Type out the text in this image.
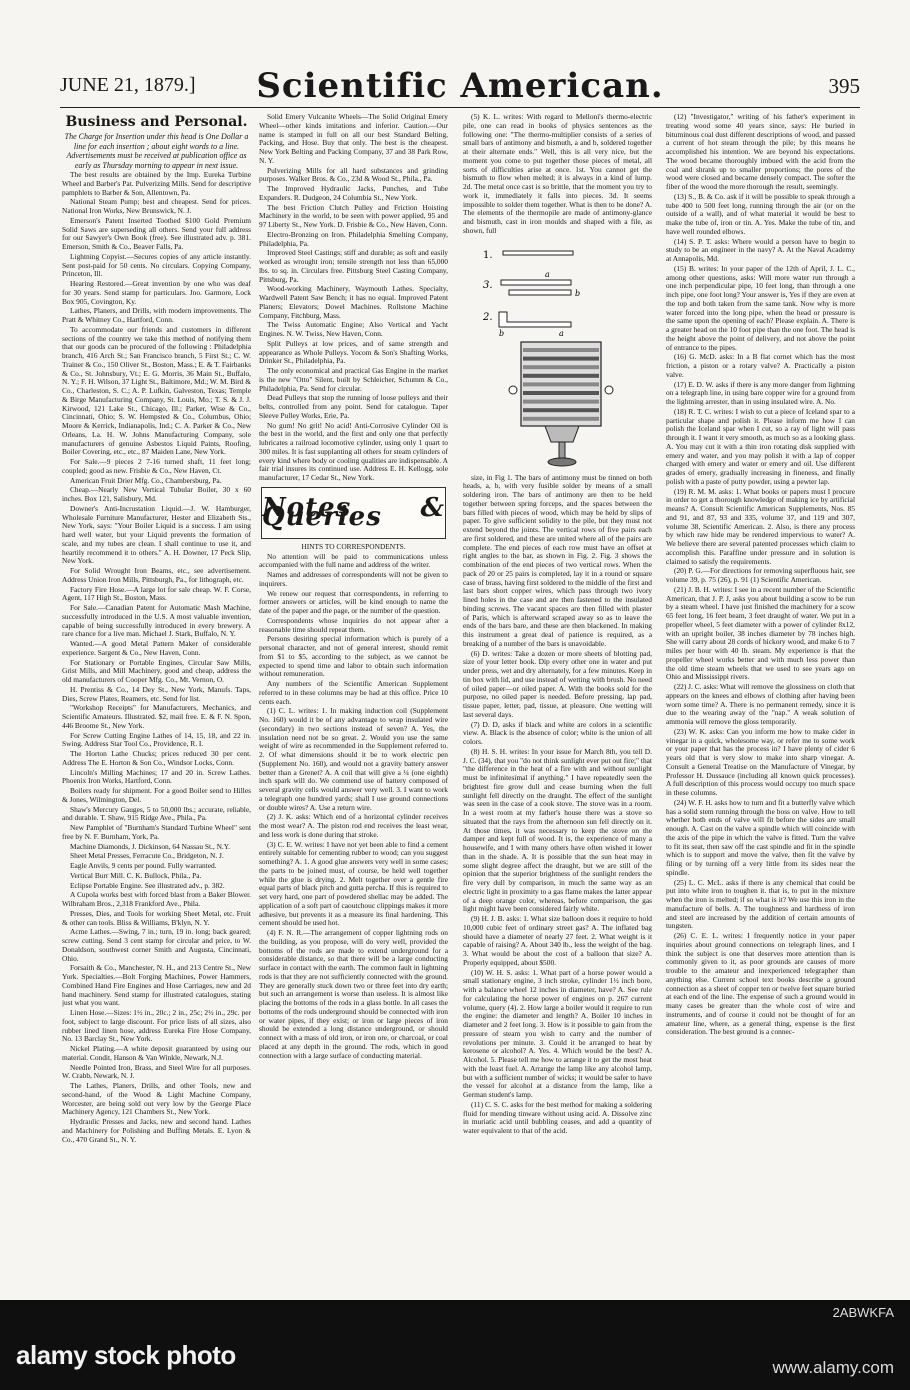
JUNE 21, 1879.]	Scientific American.	395

Business and Personal.

The Charge for Insertion under this head is One Dollar a line for each insertion ; about eight words to a line. Advertisements must be received at publication office as early as Thursday morning to appear in next issue.

The best results are obtained by the Imp. Eureka Turbine Wheel and Barber's Pat. Pulverizing Mills. Send for descriptive pamphlets to Barber & Son, Allentown, Pa.

National Steam Pump; best and cheapest. Send for prices. National Iron Works, New Brunswick, N. J.

Emerson's Patent Inserted Toothed $100 Gold Premium Solid Saws are superseding all others. Send your full address for our Sawyer's Own Book (free). See illustrated adv. p. 381. Emerson, Smith & Co., Beaver Falls, Pa.

Lightning Copyist.—Secures copies of any article instantly. Sent post-paid for 50 cents. No circulars. Copying Company, Princeton, Ill.

Hearing Restored.—Great invention by one who was deaf for 30 years. Send stamp for particulars. Jno. Garmore, Lock Box 905, Covington, Ky.

Lathes, Planers, and Drills, with modern improvements. The Pratt & Whitney Co., Hartford, Conn.

To accommodate our friends and customers in different sections of the country we take this method of notifying them that our goods can be procured of the following : Philadelphia branch, 416 Arch St.; San Francisco branch, 5 First St.; C. W. Trainer & Co., 150 Oliver St., Boston, Mass.; E. & T. Fairbanks & Co., St. Johnsbury, Vt.; E. G. Morris, 36 Main St., Buffalo, N. Y.; F. H. Wilson, 37 Light St., Baltimore, Md.; W. M. Bird & Co., Charleston, S. C.; A. P. Lufkin, Galveston, Texas; Temple & Birge Manufacturing Company, St. Louis, Mo.; T. S. & J. J. Kirwood, 121 Lake St., Chicago, Ill.; Parker, Wise & Co., Cincinnati, Ohio; S. W. Hempsted & Co., Columbus, Ohio; Moore & Kerrick, Indianapolis, Ind.; C. A. Parker & Co., New Orleans, La. H. W. Johns Manufacturing Company, sole manufacturers of genuine Asbestos Liquid Paints, Roofing, Boiler Covering, etc., etc., 87 Maiden Lane, New York.

For Sale.—9 pieces 2 7-16 turned shaft, 11 feet long; coupled; good as new. Frisbie & Co., New Haven, Ct.

American Fruit Drier Mfg. Co., Chambersburg, Pa.

Cheap.—Nearly New Vertical Tubular Boiler, 30 x 60 inches. Box 121, Salisbury, Md.

Downer's Anti-Incrustation Liquid.—J. W. Hamburger, Wholesale Furniture Manufacturer, Hester and Elizabeth Sts., New York, says: "Your Boiler Liquid is a success. I am using hard well water, but your Liquid prevents the formation of scale, and my tubes are clean. I shall continue to use it, and heartily recommend it to others." A. H. Downer, 17 Peck Slip, New York.

For Solid Wrought Iron Beams, etc., see advertisement. Address Union Iron Mills, Pittsburgh, Pa., for lithograph, etc.

Factory Fire Hose.—A large lot for sale cheap. W. F. Corse, Agent, 117 High St., Boston, Mass.

For Sale.—Canadian Patent for Automatic Mash Machine, successfully introduced in the U.S. A most valuable invention, capable of being successfully introduced in every brewery. A rare chance for a live man. Michael J. Stark, Buffalo, N. Y.

Wanted.—A good Metal Pattern Maker of considerable experience. Sargent & Co., New Haven, Conn.

For Stationary or Portable Engines, Circular Saw Mills, Grist Mills, and Mill Machinery, good and cheap, address the old manufacturers of Cooper Mfg. Co., Mt. Vernon, O.

H. Prentiss & Co., 14 Dey St., New York, Manufs. Taps, Dies, Screw Plates, Reamers, etc. Send for list.

"Workshop Receipts" for Manufacturers, Mechanics, and Scientific Amateurs. Illustrated. $2, mail free. E. & F. N. Spon, 446 Broome St., New York.

For Screw Cutting Engine Lathes of 14, 15, 18, and 22 in. Swing. Address Star Tool Co., Providence, R. I.

The Horton Lathe Chucks; prices reduced 30 per cent. Address The E. Horton & Son Co., Windsor Locks, Conn.

Lincoln's Milling Machines; 17 and 20 in. Screw Lathes. Phoenix Iron Works, Hartford, Conn.

Boilers ready for shipment. For a good Boiler send to Hilles & Jones, Wilmington, Del.

Shaw's Mercury Gauges, 5 to 50,000 lbs.; accurate, reliable, and durable. T. Shaw, 915 Ridge Ave., Phila., Pa.

New Pamphlet of "Burnham's Standard Turbine Wheel" sent free by N. F. Burnham, York, Pa.

Machine Diamonds, J. Dickinson, 64 Nassau St., N.Y.

Sheet Metal Presses, Ferracute Co., Bridgeton, N. J.

Eagle Anvils, 9 cents per pound. Fully warranted.

Vertical Burr Mill. C. K. Bullock, Phila., Pa.

Eclipse Portable Engine. See illustrated adv., p. 382.

A Cupola works best with forced blast from a Baker Blower. Wilbraham Bros., 2,318 Frankford Ave., Phila.

Presses, Dies, and Tools for working Sheet Metal, etc. Fruit & other can tools. Bliss & Williams, B'klyn, N. Y.

Acme Lathes.—Swing, 7 in.; turn, 19 in. long; back geared; screw cutting. Send 3 cent stamp for circular and price, to W. Donaldson, southwest corner Smith and Augusta, Cincinnati, Ohio.

Forsaith & Co., Manchester, N. H., and 213 Centre St., New York. Specialties.—Bolt Forging Machines, Power Hammers, Combined Hand Fire Engines and Hose Carriages, new and 2d hand machinery. Send stamp for illustrated catalogues, stating just what you want.

Linen Hose.—Sizes: 1½ in., 20c.; 2 in., 25c; 2½ in., 29c. per foot, subject to large discount. For price lists of all sizes, also rubber lined linen hose, address Eureka Fire Hose Company, No. 13 Barclay St., New York.

Nickel Plating.—A white deposit guaranteed by using our material. Condit, Hanson & Van Winkle, Newark, N.J.

Needle Pointed Iron, Brass, and Steel Wire for all purposes. W. Crabb, Newark, N. J.

The Lathes, Planers, Drills, and other Tools, new and second-hand, of the Wood & Light Machine Company, Worcester, are being sold out very low by the George Place Machinery Agency, 121 Chambers St., New York.

Hydraulic Presses and Jacks, new and second hand. Lathes and Machinery for Polishing and Buffing Metals. E. Lyon & Co., 470 Grand St., N. Y.

Solid Emery Vulcanite Wheels—The Solid Original Emery Wheel—other kinds imitations and inferior. Caution.—Our name is stamped in full on all our best Standard Belting, Packing, and Hose. Buy that only. The best is the cheapest. New York Belting and Packing Company, 37 and 38 Park Row, N. Y.

Pulverizing Mills for all hard substances and grinding purposes. Walker Bros. & Co., 23d & Wood St., Phila., Pa.

The Improved Hydraulic Jacks, Punches, and Tube Expanders. R. Dudgeon, 24 Columbia St., New York.

The best Friction Clutch Pulley and Friction Hoisting Machinery in the world, to be seen with power applied, 95 and 97 Liberty St., New York. D. Frisbie & Co., New Haven, Conn.

Electro-Bronzing on Iron. Philadelphia Smelting Company, Philadelphia, Pa.

Improved Steel Castings; stiff and durable; as soft and easily worked as wrought iron; tensile strength not less than 65,000 lbs. to sq. in. Circulars free. Pittsburg Steel Casting Company, Pittsburg, Pa.

Wood-working Machinery, Waymouth Lathes. Specialty, Wardwell Patent Saw Bench; it has no equal. Improved Patent Planers; Elevators; Dowel Machines. Rollstone Machine Company, Fitchburg, Mass.

The Twiss Automatic Engine; Also Vertical and Yacht Engines. N. W. Twiss, New Haven, Conn.

Split Pulleys at low prices, and of same strength and appearance as Whole Pulleys. Yocom & Son's Shafting Works, Drinker St., Philadelphia, Pa.

The only economical and practical Gas Engine in the market is the new "Otto" Silent, built by Schleicher, Schumm & Co., Philadelphia, Pa. Send for circular.

Dead Pulleys that stop the running of loose pulleys and their belts, controlled from any point. Send for catalogue. Taper Sleeve Pulley Works, Erie, Pa.

No gum! No grit! No acid! Anti-Corrosive Cylinder Oil is the best in the world, and the first and only one that perfectly lubricates a railroad locomotive cylinder, using only 1 quart to 300 miles. It is fast supplanting all others for steam cylinders of every kind where body or cooling qualities are indispensable. A fair trial insures its continued use. Address E. H. Kellogg, sole manufacturer, 17 Cedar St., New York.

Notes & Queries

HINTS TO CORRESPONDENTS.

No attention will be paid to communications unless accompanied with the full name and address of the writer.

Names and addresses of correspondents will not be given to inquirers.

We renew our request that correspondents, in referring to former answers or articles, will be kind enough to name the date of the paper and the page, or the number of the question.

Correspondents whose inquiries do not appear after a reasonable time should repeat them.

Persons desiring special information which is purely of a personal character, and not of general interest, should remit from $1 to $5, according to the subject, as we cannot be expected to spend time and labor to obtain such information without remuneration.

Any numbers of the Scientific American Supplement referred to in these columns may be had at this office. Price 10 cents each.

(1) C. L. writes: 1. In making induction coil (Supplement No. 160) would it be of any advantage to wrap insulated wire (secondary) in two sections instead of seven? A. Yes, the insulation need not be so great. 2. Would you use the same weight of wire as recommended in the Supplement referred to. 2. Of what dimensions should it be to work electric pen (Supplement No. 160), and would not a gravity battery answer better than a Grenet? A. A coil that will give a ¼ (one eighth) inch spark will do. We commend use of battery composed of several gravity cells would answer very well. 3. I want to work a telegraph one hundred yards; shall I use ground connections or double wires? A. Use a return wire.

(2) J. K. asks: Which end of a horizontal cylinder receives the most wear? A. The piston rod end receives the least wear, and less work is done during that stroke.

(3) C. E. W. writes: I have not yet been able to find a cement entirely suitable for cementing rubber to wood; can you suggest something? A. 1. A good glue answers very well in some cases; the parts to be joined must, of course, be held well together while the glue is drying. 2. Melt together over a gentle fire equal parts of black pitch and gutta percha. If this is required to set very hard, one part of powdered shellac may be added. The application of a soft part of caoutchouc clippings makes it more adhesive, but prevents it as a measure its final hardening. This cement should be used hot.

(4) F. N. R.—The arrangement of copper lightning rods on the building, as you propose, will do very well, provided the bottoms of the rods are made to extend underground for a considerable distance, so that there will be a large conducting surface in contact with the earth. The common fault in lightning rods is that they are not sufficiently connected with the ground. They are generally stuck down two or three feet into dry earth; but such an arrangement is worse than useless. It is almost like placing the bottoms of the rods in a glass bottle. In all cases the bottoms of the rods underground should be connected with iron or water pipes, if they exist; or iron or large pieces of iron should be extended a long distance underground, or should connect with a mass of old iron, or iron ore, or charcoal, or coal placed at any depth in the ground. The rods, which in good connection with a large surface of conducting material.

(5) K. L. writes: With regard to Melloni's thermo-electric pile, one can read in books of physics sentences as the following one: "The thermo-multiplier consists of a series of small bars of antimony and bismuth, a and b, soldered together at their alternate ends." Well, this is all very nice, but the moment you come to put together those pieces of metal, all sorts of difficulties arise at once. 1st. You cannot get the bismuth to flow when melted; it is always in a kind of lump. 2d. The metal once cast is so brittle, that the moment you try to work it, immediately it falls into pieces. 3d. It seems impossible to solder them together. What is then to be done? A. The elements of the thermopile are made of antimony-glance and bismuth, cast in iron moulds and shaped with a file, as shown, full

1.
3.
a
b
2.
b	a

size, in Fig 1. The bars of antimony must be tinned on both heads, a, b, with very fusible solder by means of a small soldering iron. The bars of antimony are then to be held together between spring forceps, and the spaces between the bars filled with pieces of wood, which may be held by slips of paper. To give sufficient solidity to the pile, but they must not extend beyond the joints. The vertical rows of five pairs each are first soldered, and these are united where all of the pairs are complete. The end pieces of each row must have an offset at right angles to the bar, as shown in Fig. 2. Fig. 3 shows the combination of the end pieces of two vertical rows. When the pack of 20 or 25 pairs is completed, lay it in a round or square case of brass, having first soldered to the middle of the first and last bars short copper wires, which pass through two ivory lined holes in the case and are then fastened to the insulated binding screws. The vacant spaces are then filled with plaster of Paris, which is afterward scraped away so as to leave the ends of the bars bare, and these are then blackened. In making this instrument a great deal of patience is required, as a breaking of a number of the bars is unavoidable.

(6) D. writes: Take a dozen or more sheets of blotting pad, size of your letter book. Dip every other one in water and put under press, wet and dry alternately, for a few minutes. Keep in tin box with lid, and use instead of wetting with brush. No need of oiled paper—or oiled paper. A. With the books sold for the purpose, no oiled paper is needed. Before pressing, lap pad, tissue paper, letter, pad, tissue, at pleasure. One wetting will last several days.

(7) D. D, asks if black and white are colors in a scientific view. A. Black is the absence of color; white is the union of all colors.

(8) H. S. H. writes: In your issue for March 8th, you tell D. J. C. (34), that you "do not think sunlight ever put out fire;" that "the difference in the heat of a fire with and without sunlight must be infinitesimal if anything." I have repeatedly seen the brightest fire grow dull and cease burning when the full sunlight fell directly on the draught. The effect of the sunlight was seen in the case of a cook stove. The stove was in a room. In a west room at my father's house there was a stove so situated that the rays from the afternoon sun fell directly on it. At those times, it was necessary to keep the stove on the damper and kept full of wood. It is, the experience of many a housewife, and I with many others have often wished it lower than in the shade. A. It is possible that the sun heat may in some slight degree affect the draught, but we are still of the opinion that the superior brightness of the sunlight renders the fire very dull by comparison, in much the same way as an electric light in proximity to a gas flame makes the latter appear of a deep orange color, whereas, before comparison, the gas light might have been considered fairly white.

(9) H. J. B. asks: 1. What size balloon does it require to hold 10,000 cubic feet of ordinary street gas? A. The inflated bag should have a diameter of nearly 27 feet. 2. What weight is it capable of raising? A. About 340 lb., less the weight of the bag. 3. What would be about the cost of a balloon that size? A. Properly equipped, about $500.

(10) W. H. S. asks: 1. What part of a horse power would a small stationary engine, 3 inch stroke, cylinder 1½ inch bore, with a balance wheel 12 inches in diameter, have? A. See rule for calculating the horse power of engines on p. 267 current volume, query (4). 2. How large a boiler would it require to run the engine: the diameter and length? A. Boiler 10 inches in diameter and 2 feet long. 3. How is it possible to gain from the pressure of steam you wish to carry and the number of revolutions per minute. 3. Could it be arranged to heat by kerosene or alcohol? A. Yes. 4. Which would be the best? A. Alcohol. 5. Please tell me how to arrange it to get the most heat with the least fuel. A. Arrange the lamp like any alcohol lamp, but with a sufficient number of wicks; it would be safer to have the vessel for alcohol at a distance from the lamp, like a German student's lamp.

(11) C. S. C. asks for the best method for making a soldering fluid for mending tinware without using acid. A. Dissolve zinc in muriatic acid until bubbling ceases, and add a quantity of water equivalent to that of the acid.

(12) "Investigator," writing of his father's experiment in treating wood some 40 years since, says: He buried in bituminous coal dust different descriptions of wood, and passed a current of hot steam through the pile; by this means he accomplished his intention. We are beyond his expectations. The wood became thoroughly imbued with the acid from the coal and shrank up to smaller proportions; the pores of the wood were closed and became densely compact. The softer the fiber of the wood the more thorough the result, seemingly.

(13) S., B. & Co. ask if it will be possible to speak through a tube 400 to 500 feet long, running through the air (or on the outside of a wall), and of what material it would be best to make the tube of, iron or tin. A. Yes. Make the tube of tin, and have well rounded elbows.

(14) S. P. T. asks: Where would a person have to begin to study to be an engineer in the navy? A. At the Naval Academy at Annapolis, Md.

(15) B. writes: In your paper of the 12th of April, J. L. C., among other questions, asks: Will more water run through a one inch perpendicular pipe, 10 feet long, than through a one inch pipe, one foot long? Your answer is, Yes if they are even at the top and both taken from the same tank. Now why is more water forced into the long pipe, when the head or pressure is the same upon the opening of each? Please explain. A. There is a greater head on the 10 foot pipe than the one foot. The head is the height above the point of delivery, and not above the point of entrance to the pipes.

(16) G. McD. asks: In a B flat cornet which has the most friction, a piston or a rotary valve? A. Practically a piston valve.

(17) E. D. W. asks if there is any more danger from lightning on a telegraph line, in using bare copper wire for a ground from the lightning arrester, than in using insulated wire. A. No.

(18) R. T. C. writes: I wish to cut a piece of Iceland spar to a particular shape and polish it. Please inform me how I can polish the Iceland spar when I cut, so a ray of light will pass through it. I want it very smooth, as much so as a looking glass. A. You may cut it with a thin iron rotating disk supplied with emery and water, and you may polish it with a lap of copper charged with emery and water or emery and oil. Use different grades of emery, gradually increasing in fineness, and finally polish with a paste of putty powder, using a pewter lap.

(19) R. M. M. asks: 1. What books or papers must I procure in order to get a thorough knowledge of making ice by artificial means? A. Consult Scientific American Supplements, Nos. 85 and 91, and 87, 93 and 335, volume 37, and 119 and 307, volume 38, Scientific American. 2. Also, is there any process by which raw hide may be rendered impervious to water? A. We believe there are several patented processes which claim to accomplish this. Paraffine under pressure and in solution is claimed to satisfy the requirements.

(20) P. G.—For directions for removing superfluous hair, see volume 39, p. 75 (26), p. 91 (1) Scientific American.

(21) J. B. H. writes: I see in a recent number of the Scientific American, that J. P. J, asks you about building a scow to be run by a steam wheel. I have just finished the machinery for a scow 65 feet long, 16 feet beam, 3 feet draught of water. We put in a propeller wheel, 5 feet diameter with a power of cylinder 8x12, with an upright boiler, 38 inches diameter by 78 inches high. She will carry about 28 cords of hickory wood, and make 6 to 7 miles per hour with 40 lb. steam. My experience is that the propeller wheel works better and with much less power than the old time steam wheels that we used to see years ago on Ohio and Mississippi rivers.

(22) J. C. asks: What will remove the glossiness on cloth that appears on the knees and elbows of clothing after having been worn some time? A. There is no permanent remedy, since it is due to the wearing away of the "nap." A weak solution of ammonia will remove the gloss temporarily.

(23) W. K. asks: Can you inform me how to make cider in vinegar in a quick, wholesome way, or refer me to some work or your paper that has the process in? I have plenty of cider 6 years old that is very slow to make into sharp vinegar. A. Consult a General Treatise on the Manufacture of Vinegar, by Professor H. Dussauce (including all known quick processes). A full description of this process would occupy too much space in these columns.

(24) W. F. H. asks how to turn and fit a butterfly valve which has a solid stem running through the boss on valve. How to tell whether both ends of valve will fit before the sides are small enough. A. Cast on the valve a spindle which will coincide with the axis of the pipe in which the valve is fitted. Turn the valve to fit its seat, then saw off the cast spindle and fit in the spindle which is to support and move the valve, then fit the valve by filing or by turning off a very little from its sides near the spindle.

(25) L. C. McL. asks if there is any chemical that could be put into white iron to toughen it. that is, to put in the mixture when the iron is melted; if so what is it? We use this iron in the manufacture of bells. A. The toughness and hardness of iron and steel are increased by the addition of certain amounts of tungsten.

(26) C. E. L. writes: I frequently notice in your paper inquiries about ground connections on telegraph lines, and I think the subject is one that deserves more attention than is commonly given to it, as poor grounds are causes of more trouble to the amateur and inexperienced telegrapher than anything else. Current school text books describe a ground connection as a sheet of copper ten or twelve feet square buried at each end of the line. The expense of such a ground would in many cases be greater than the whole cost of wire and instruments, and of course it could not be thought of for an amateur line, where, as a general thing, expense is the first consideration. The best ground is a connec-

2ABWKFA
alamy stock photo	www.alamy.com
